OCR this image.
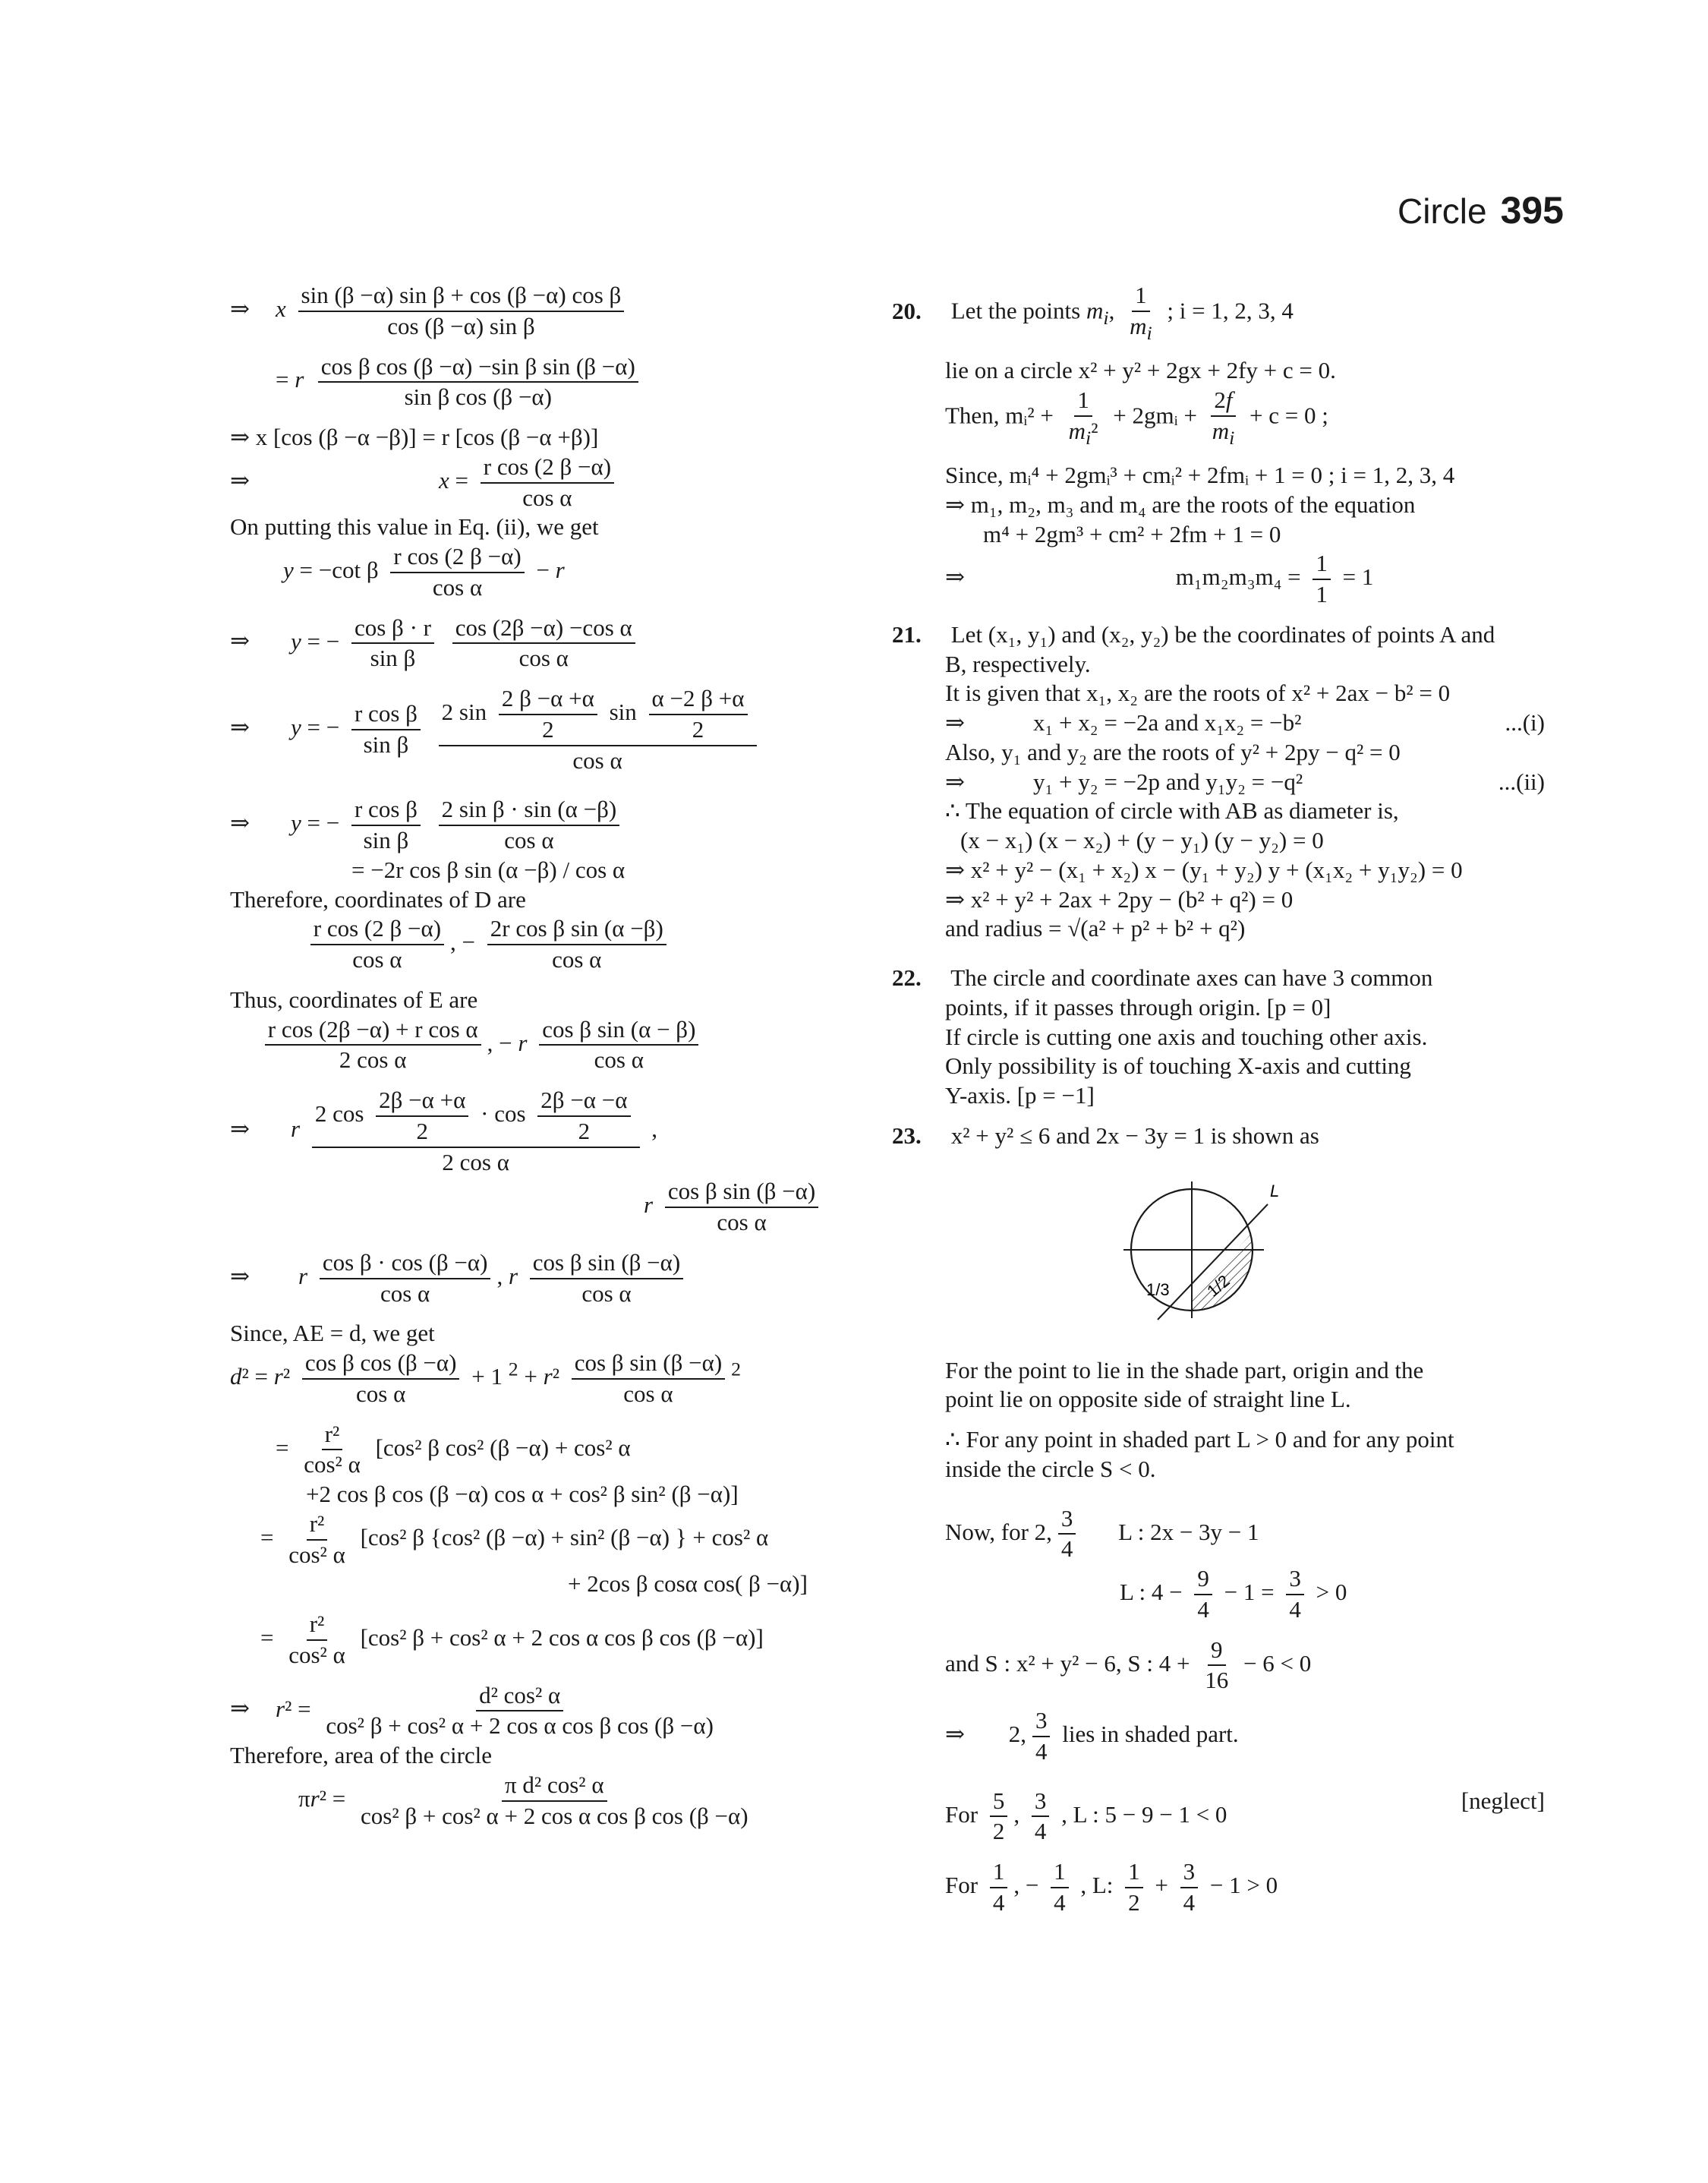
Circle 395
⇒ x $\frac{\text{sin (β −α) sin β + cos (β −α) cos β}}{\text{cos (β −α) sin β}}$
= r $\frac{\text{cos β cos (β −α) −sin β sin (β −α)}}{\text{sin β cos (β −α)}}$
⇒ x [cos (β −α −β)] = r [cos (β −α +β)]
⇒	$x = \frac{\text{r cos (2 β −α)}}{\text{cos α}}$
On putting this value in Eq. (ii), we get
y = −cot β $\frac{\text{r cos (2 β −α)}}{\text{cos α}} - r$
⇒ y = − $\frac{\text{cos β · r}}{\text{sin β}}$
$\frac{\text{cos (2β −α) −cos α}}{\text{cos α}}$
⇒ y = − $\frac{\text{r cos β}}{\text{sin β}}$
2 $\sin \frac{2 \beta -\alpha +\alpha}{2}$ $\sin \frac{\alpha -2 \beta +\alpha}{2}$
cos α
⇒ y = − $\frac{\text{r cos β}}{\text{sin β}}$
$\frac{\text{2 sin β · sin (α −β)}}{\text{cos α}}$
= −2r cos β sin (α −β) / cos α
Therefore, coordinates of D are

$\frac{\text{r cos (2 β −α)}}{\text{cos α}}$ , − $\frac{\text{2r cos β sin (α −β)}}{\text{cos α}}$
Thus, coordinates of E are

$\frac{\text{r cos (2β −α) + r cos α}}{\text{2 cos α}}$ , − r $\frac{\text{cos β sin (α − β)}}{\text{cos α}}$
⇒ r
2 $\cos \frac{2\beta -\alpha +\alpha}{2} \cdot \cos \frac{2\beta -\alpha -\alpha}{2}$
2 cos α
,
r $\frac{\text{cos β sin (β −α)}}{\text{cos α}}$
⇒ r $\frac{\text{cos β · cos (β −α)}}{\text{cos α}}$ , r $\frac{\text{cos β sin (β −α)}}{\text{cos α}}$
Since, AE = d, we get
$d^2 = r^2 \frac{\text{cos β cos (β −α)}}{\text{cos α}} + 1$ $^2 + r^2 \frac{\text{cos β sin (β −α)}}{\text{cos α}} ^2$
= $\frac{\text{r²}}{\text{cos² α}} [\cos^2$ β cos² (β −α) + cos² α
+2 cos β cos (β −α) cos α + cos² β sin² (β −α)]
= $\frac{\text{r²}}{\text{cos² α}} [\cos^2$ β {cos² (β −α) + sin² (β −α) } + cos² α
+ 2cos β cosα cos( β −α)]
= $\frac{\text{r²}}{\text{cos² α}} [\cos^2$ β + cos² α + 2 cos α cos β cos (β −α)]
⇒ $r^2 = \frac{\text{d² cos² α}}{\text{cos² β + cos² α + 2 cos α cos β cos (β −α)}}$
Therefore, area of the circle
$\pi r^2 = \frac{\text{π d² cos² α}}{\text{cos² β + cos² α + 2 cos α cos β cos (β −α)}}$
20. Let the points $m_i$, $\frac{1}{m_i}$ ; i = 1, 2, 3, 4
lie on a circle x² + y² + 2gx + 2fy + c = 0.
Then, mᵢ² + $\frac{1}{m_i^2}$ + 2gmᵢ + $\frac{2f}{m_i} + c = 0$ ;
Since, mᵢ⁴ + 2gmᵢ³ + cmᵢ² + 2fmᵢ + 1 = 0 ; i = 1, 2, 3, 4
⇒ m₁, m₂, m₃ and m₄ are the roots of the equation
m⁴ + 2gm³ + cm² + 2fm + 1 = 0
⇒	$m_1m_2m_3m_4 = \frac{1}{1} = 1$
21. Let (x₁, y₁) and (x₂, y₂) be the coordinates of points A and
B, respectively.
It is given that x₁, x₂ are the roots of x² + 2ax − b² = 0
⇒	x₁ + x₂ = −2a and x₁x₂ = −b²	...(i)
Also, y₁ and y₂ are the roots of y² + 2py − q² = 0
⇒	y₁ + y₂ = −2p and y₁y₂ = −q²	...(ii)
∴ The equation of circle with AB as diameter is,
(x − x₁) (x − x₂) + (y − y₁) (y − y₂) = 0
⇒ x² + y² − (x₁ + x₂) x − (y₁ + y₂) y + (x₁x₂ + y₁y₂) = 0
⇒ x² + y² + 2ax + 2py − (b² + q²) = 0
and radius = √(a² + p² + b² + q²)
22. The circle and coordinate axes can have 3 common
points, if it passes through origin. [p = 0]
If circle is cutting one axis and touching other axis.
Only possibility is of touching X-axis and cutting
Y-axis. [p = −1]
23. x² + y² ≤ 6 and 2x − 3y = 1 is shown as
L
1/3 1/2
For the point to lie in the shade part, origin and the
point lie on opposite side of straight line L.
∴ For any point in shaded part L > 0 and for any point
inside the circle S < 0.
Now, for 2, $\frac{3}{4}$ L : 2x − 3y − 1
L : $4 - \frac{9}{4} - 1 = \frac{3}{4} > 0$
and S : x² + y² − 6, S : $4 + \frac{9}{16} - 6 < 0$
⇒ 2, $\frac{3}{4}$ lies in shaded part.
For $\frac{5}{2}$ , $\frac{3}{4}$ , L : 5 − 9 − 1 < 0
[neglect]
For $\frac{1}{4}$ , − $\frac{1}{4}$ , L: $\frac{1}{2} + \frac{3}{4} - 1 > 0$
